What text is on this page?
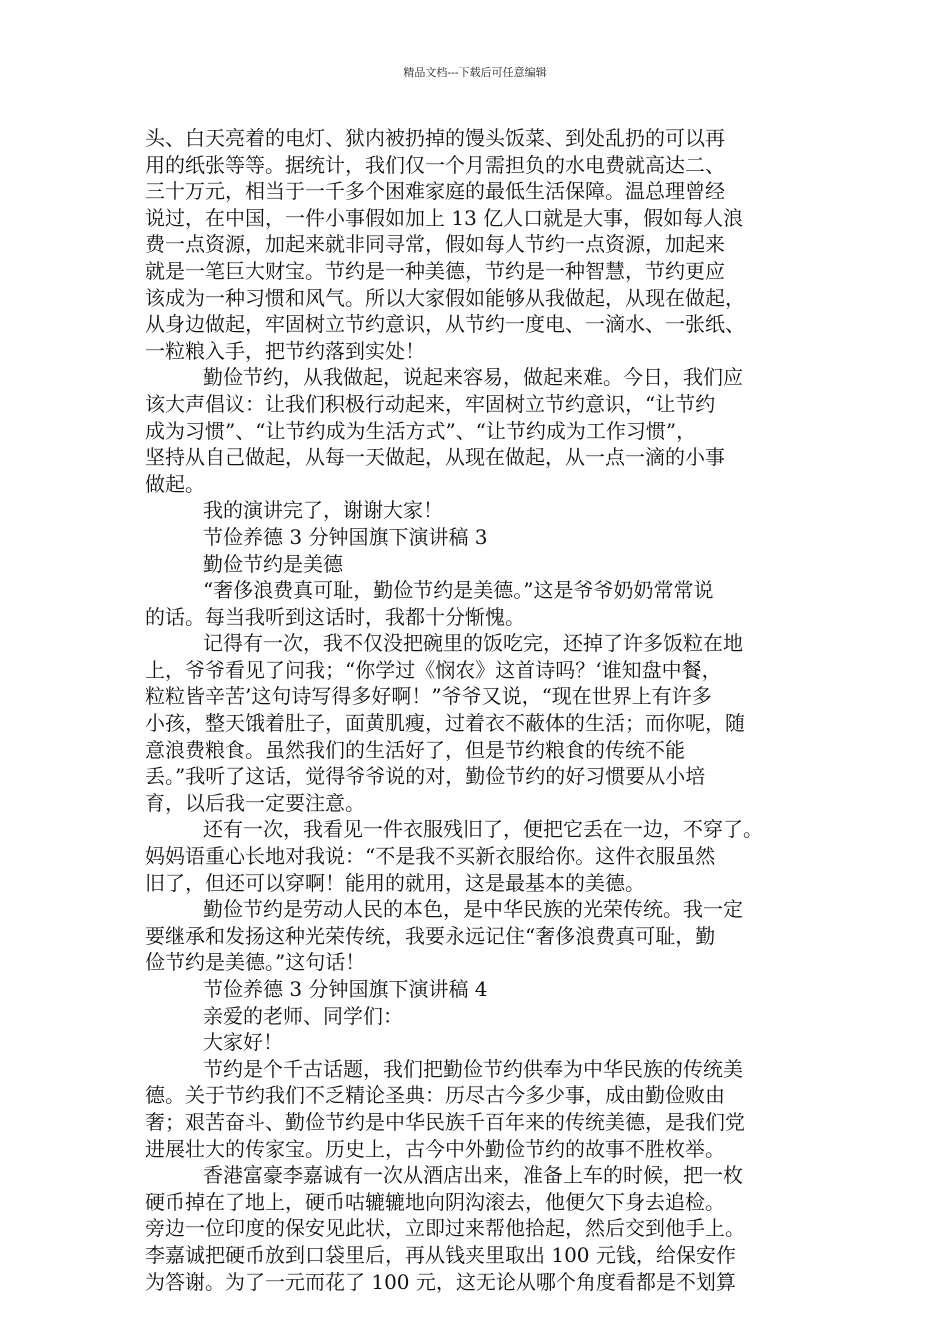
精品文档---下载后可任意编辑
头、白天亮着的电灯、狱内被扔掉的馒头饭菜、到处乱扔的可以再
用的纸张等等。据统计，我们仅一个月需担负的水电费就高达二、
三十万元，相当于一千多个困难家庭的最低生活保障。温总理曾经
说过，在中国，一件小事假如加上 13 亿人口就是大事，假如每人浪
费一点资源，加起来就非同寻常，假如每人节约一点资源，加起来
就是一笔巨大财宝。节约是一种美德，节约是一种智慧，节约更应
该成为一种习惯和风气。所以大家假如能够从我做起，从现在做起，
从身边做起，牢固树立节约意识，从节约一度电、一滴水、一张纸、
一粒粮入手，把节约落到实处！
勤俭节约，从我做起，说起来容易，做起来难。今日，我们应
该大声倡议：让我们积极行动起来，牢固树立节约意识，“让节约
成为习惯”、“让节约成为生活方式”、“让节约成为工作习惯”，
坚持从自己做起，从每一天做起，从现在做起，从一点一滴的小事
做起。
我的演讲完了，谢谢大家！
节俭养德 3 分钟国旗下演讲稿 3
勤俭节约是美德
“奢侈浪费真可耻，勤俭节约是美德。”这是爷爷奶奶常常说
的话。每当我听到这话时，我都十分惭愧。
记得有一次，我不仅没把碗里的饭吃完，还掉了许多饭粒在地
上，爷爷看见了问我；“你学过《悯农》这首诗吗？‘谁知盘中餐，
粒粒皆辛苦’这句诗写得多好啊！”爷爷又说，“现在世界上有许多
小孩，整天饿着肚子，面黄肌瘦，过着衣不蔽体的生活；而你呢，随
意浪费粮食。虽然我们的生活好了，但是节约粮食的传统不能
丢。”我听了这话，觉得爷爷说的对，勤俭节约的好习惯要从小培
育，以后我一定要注意。
还有一次，我看见一件衣服残旧了，便把它丢在一边，不穿了。
妈妈语重心长地对我说：“不是我不买新衣服给你。这件衣服虽然
旧了，但还可以穿啊！能用的就用，这是最基本的美德。
勤俭节约是劳动人民的本色，是中华民族的光荣传统。我一定
要继承和发扬这种光荣传统，我要永远记住“奢侈浪费真可耻，勤
俭节约是美德。”这句话！
节俭养德 3 分钟国旗下演讲稿 4
亲爱的老师、同学们：
大家好！
节约是个千古话题，我们把勤俭节约供奉为中华民族的传统美
德。关于节约我们不乏精论圣典：历尽古今多少事，成由勤俭败由
奢；艰苦奋斗、勤俭节约是中华民族千百年来的传统美德，是我们党
进展壮大的传家宝。历史上，古今中外勤俭节约的故事不胜枚举。
香港富豪李嘉诚有一次从酒店出来，准备上车的时候，把一枚
硬币掉在了地上，硬币咕辘辘地向阴沟滚去，他便欠下身去追检。
旁边一位印度的保安见此状，立即过来帮他拾起，然后交到他手上。
李嘉诚把硬币放到口袋里后，再从钱夹里取出 100 元钱，给保安作
为答谢。为了一元而花了 100 元，这无论从哪个角度看都是不划算
